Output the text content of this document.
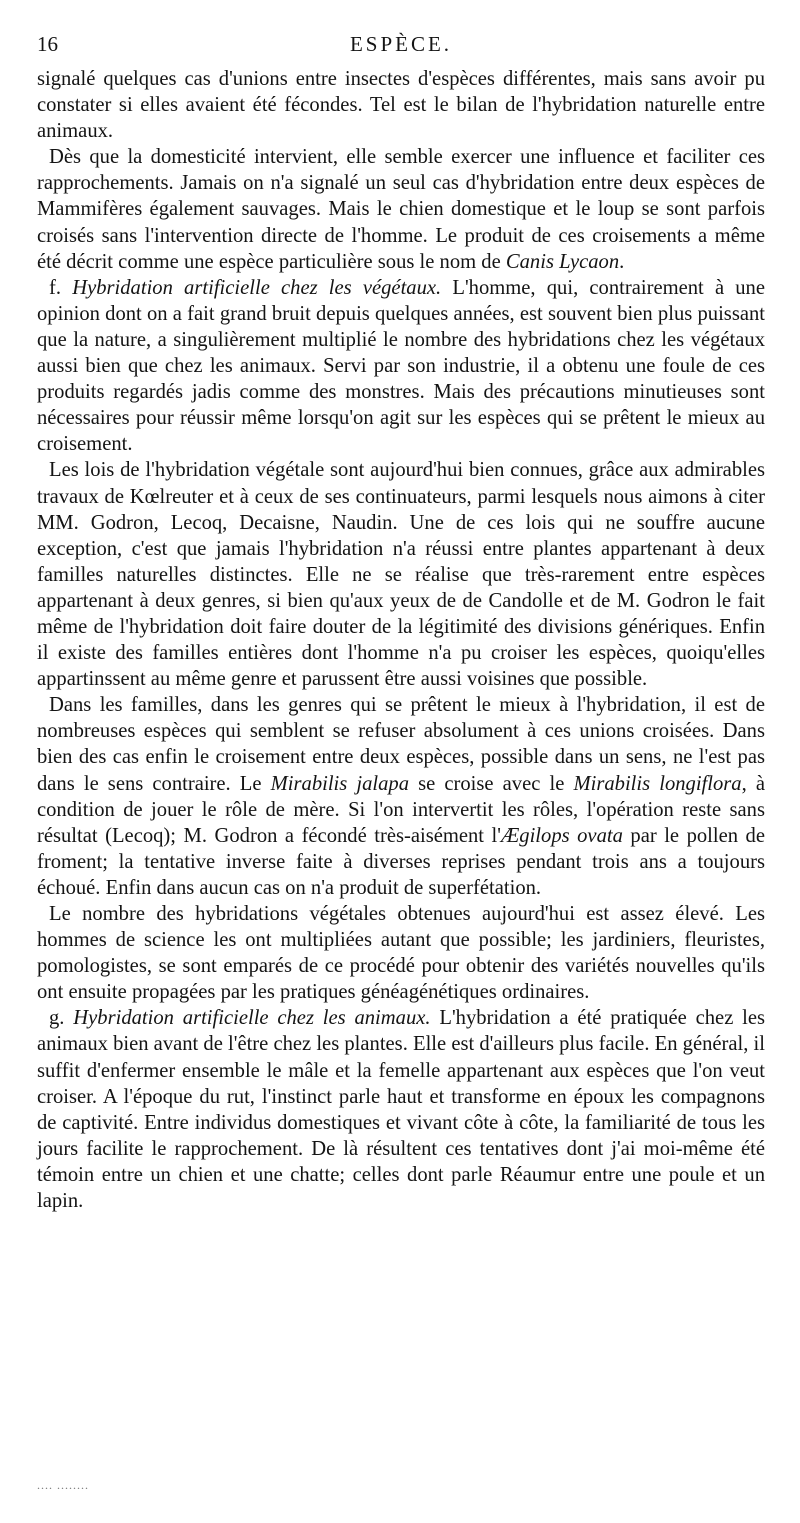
16	ESPÈCE.

signalé quelques cas d'unions entre insectes d'espèces différentes, mais sans avoir pu constater si elles avaient été fécondes. Tel est le bilan de l'hybridation naturelle entre animaux.

Dès que la domesticité intervient, elle semble exercer une influence et faciliter ces rapprochements. Jamais on n'a signalé un seul cas d'hybridation entre deux espèces de Mammifères également sauvages. Mais le chien domestique et le loup se sont parfois croisés sans l'intervention directe de l'homme. Le produit de ces croisements a même été décrit comme une espèce particulière sous le nom de Canis Lycaon.

f. Hybridation artificielle chez les végétaux. L'homme, qui, contrairement à une opinion dont on a fait grand bruit depuis quelques années, est souvent bien plus puissant que la nature, a singulièrement multiplié le nombre des hybridations chez les végétaux aussi bien que chez les animaux. Servi par son industrie, il a obtenu une foule de ces produits regardés jadis comme des monstres. Mais des précautions minutieuses sont nécessaires pour réussir même lorsqu'on agit sur les espèces qui se prêtent le mieux au croisement.

Les lois de l'hybridation végétale sont aujourd'hui bien connues, grâce aux admirables travaux de Kœlreuter et à ceux de ses continuateurs, parmi lesquels nous aimons à citer MM. Godron, Lecoq, Decaisne, Naudin. Une de ces lois qui ne souffre aucune exception, c'est que jamais l'hybridation n'a réussi entre plantes appartenant à deux familles naturelles distinctes. Elle ne se réalise que très-rarement entre espèces appartenant à deux genres, si bien qu'aux yeux de de Candolle et de M. Godron le fait même de l'hybridation doit faire douter de la légitimité des divisions génériques. Enfin il existe des familles entières dont l'homme n'a pu croiser les espèces, quoiqu'elles appartinssent au même genre et parussent être aussi voisines que possible.

Dans les familles, dans les genres qui se prêtent le mieux à l'hybridation, il est de nombreuses espèces qui semblent se refuser absolument à ces unions croisées. Dans bien des cas enfin le croisement entre deux espèces, possible dans un sens, ne l'est pas dans le sens contraire. Le Mirabilis jalapa se croise avec le Mirabilis longiflora, à condition de jouer le rôle de mère. Si l'on intervertit les rôles, l'opération reste sans résultat (Lecoq); M. Godron a fécondé très-aisément l'Ægilops ovata par le pollen de froment; la tentative inverse faite à diverses reprises pendant trois ans a toujours échoué. Enfin dans aucun cas on n'a produit de superfétation.

Le nombre des hybridations végétales obtenues aujourd'hui est assez élevé. Les hommes de science les ont multipliées autant que possible; les jardiniers, fleuristes, pomologistes, se sont emparés de ce procédé pour obtenir des variétés nouvelles qu'ils ont ensuite propagées par les pratiques généagénétiques ordinaires.

g. Hybridation artificielle chez les animaux. L'hybridation a été pratiquée chez les animaux bien avant de l'être chez les plantes. Elle est d'ailleurs plus facile. En général, il suffit d'enfermer ensemble le mâle et la femelle appartenant aux espèces que l'on veut croiser. A l'époque du rut, l'instinct parle haut et transforme en époux les compagnons de captivité. Entre individus domestiques et vivant côte à côte, la familiarité de tous les jours facilite le rapprochement. De là résultent ces tentatives dont j'ai moi-même été témoin entre un chien et une chatte; celles dont parle Réaumur entre une poule et un lapin.

.... ........
